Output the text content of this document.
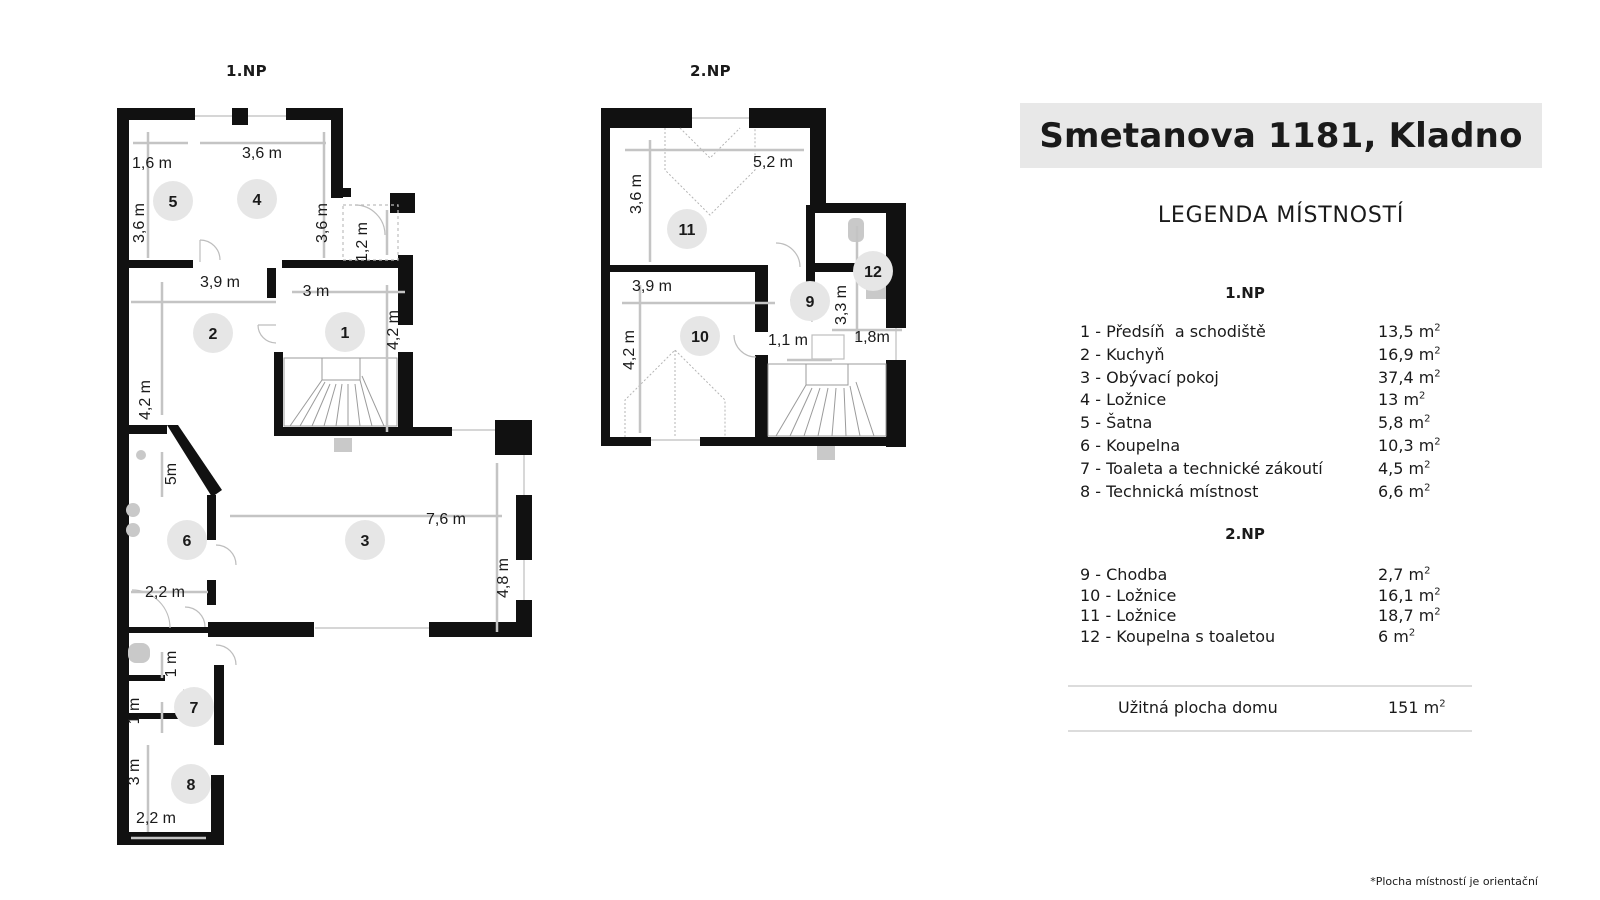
1
2
3
4
5
6
7
8
9
10
11
12
1,6 m
3,6 m
3,6 m	3,6 m 1,2 m
3,9 m
3 m
4,2 m
4,2 m
5m
7,6 m
4,8 m
2,2 m
1 m
1 m
3 m
2,2 m
5,2 m
3,6 m
3,9 m
4,2 m
3,3 m
1,1 m	1,8m
1.NP	2.NP
Smetanova 1181, Kladno
LEGENDA MÍSTNOSTÍ
1.NP
1 - Předsíň  a schodiště	13,5 $m^2$
2 - Kuchyň	16,9 $m^2$
3 - Obývací pokoj	37,4 $m^2$
4 - Ložnice	13 $m^2$
5 - Šatna	5,8 $m^2$
6 - Koupelna	10,3 $m^2$
7 - Toaleta a technické zákoutí	4,5 $m^2$
8 - Technická místnost	6,6 $m^2$
2.NP
9 - Chodba	2,7 $m^2$
10 - Ložnice	16,1 $m^2$
11 - Ložnice	18,7 $m^2$
12 - Koupelna s toaletou	6 $m^2$
Užitná plocha domu	151 $m^2$
*Plocha místností je orientační
